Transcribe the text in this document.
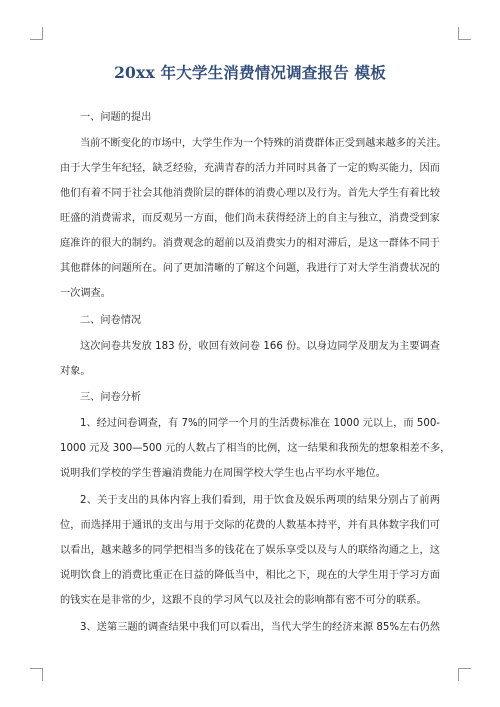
20xx 年大学生消费情况调查报告 模板
一、问题的提出
当前不断变化的市场中，大学生作为一个特殊的消费群体正受到越来越多的关注。
由于大学生年纪轻，缺乏经验，充满青春的活力并同时具备了一定的购买能力，因而
他们有着不同于社会其他消费阶层的群体的消费心理以及行为。首先大学生有着比较
旺盛的消费需求，而反观另一方面，他们尚未获得经济上的自主与独立，消费受到家
庭准许的很大的制约。消费观念的超前以及消费实力的相对滞后，是这一群体不同于
其他群体的问题所在。问了更加清晰的了解这个问题，我进行了对大学生消费状况的
一次调查。
二、问卷情况
这次问卷共发放 183 份，收回有效问卷 166 份。以身边同学及朋友为主要调查
对象。
三、问卷分析
1、经过问卷调查，有 7%的同学一个月的生活费标准在 1000 元以上，而 500-
1000 元及 300—500 元的人数占了相当的比例，这一结果和我预先的想象相差不多，
说明我们学校的学生普遍消费能力在周围学校大学生也占平均水平地位。
2、关于支出的具体内容上我们看到，用于饮食及娱乐两项的结果分别占了前两
位，而选择用于通讯的支出与用于交际的花费的人数基本持平，并有具体数字我们可
以看出，越来越多的同学把相当多的钱花在了娱乐享受以及与人的联络沟通之上，这
说明饮食上的消费比重正在日益的降低当中，相比之下，现在的大学生用于学习方面
的钱实在是非常的少，这跟不良的学习风气以及社会的影响都有密不可分的联系。
3、送第三题的调查结果中我们可以看出，当代大学生的经济来源 85%左右仍然
